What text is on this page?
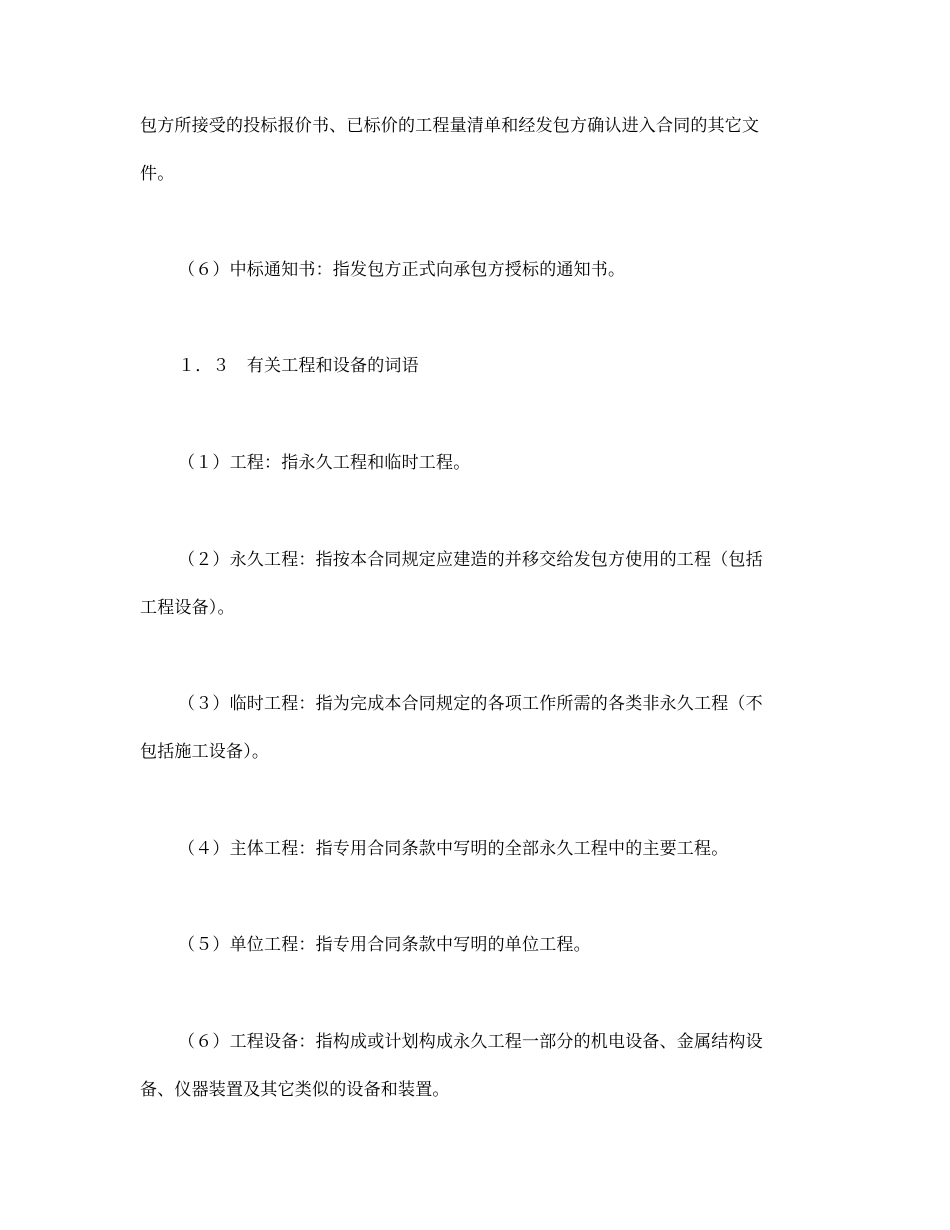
包方所接受的投标报价书、已标价的工程量清单和经发包方确认进入合同的其它文
件。
（６）中标通知书：指发包方正式向承包方授标的通知书。
１．３　有关工程和设备的词语
（１）工程：指永久工程和临时工程。
（２）永久工程：指按本合同规定应建造的并移交给发包方使用的工程（包括
工程设备）。
（３）临时工程：指为完成本合同规定的各项工作所需的各类非永久工程（不
包括施工设备）。
（４）主体工程：指专用合同条款中写明的全部永久工程中的主要工程。
（５）单位工程：指专用合同条款中写明的单位工程。
（６）工程设备：指构成或计划构成永久工程一部分的机电设备、金属结构设
备、仪器装置及其它类似的设备和装置。
